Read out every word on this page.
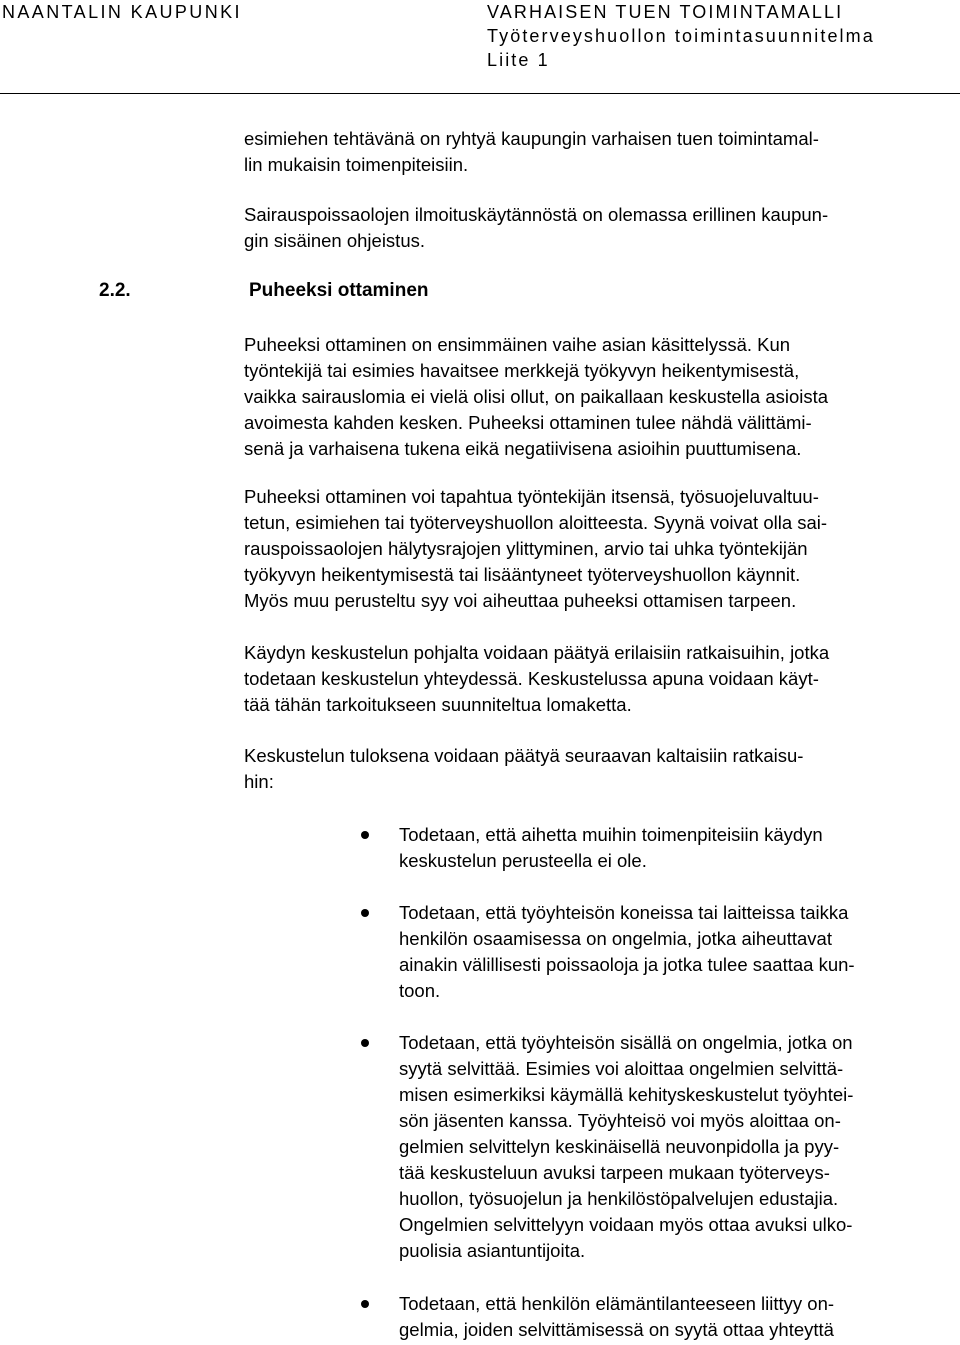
NAANTALIN KAUPUNKI	VARHAISEN TUEN TOIMINTAMALLI
Työterveyshuollon toimintasuunnitelma
Liite 1
esimiehen tehtävänä on ryhtyä kaupungin varhaisen tuen toimintamal-
lin mukaisin toimenpiteisiin.
Sairauspoissaolojen ilmoituskäytännöstä on olemassa erillinen kaupun-
gin sisäinen ohjeistus.
2.2.	Puheeksi ottaminen
Puheeksi ottaminen on ensimmäinen vaihe asian käsittelyssä. Kun
työntekijä tai esimies havaitsee merkkejä työkyvyn heikentymisestä,
vaikka sairauslomia ei vielä olisi ollut, on paikallaan keskustella asioista
avoimesta kahden kesken. Puheeksi ottaminen tulee nähdä välittämi-
senä ja varhaisena tukena eikä negatiivisena asioihin puuttumisena.
Puheeksi ottaminen voi tapahtua työntekijän itsensä, työsuojeluvaltuu-
tetun, esimiehen tai työterveyshuollon aloitteesta. Syynä voivat olla sai-
rauspoissaolojen hälytysrajojen ylittyminen, arvio tai uhka työntekijän
työkyvyn heikentymisestä tai lisääntyneet työterveyshuollon käynnit.
Myös muu perusteltu syy voi aiheuttaa puheeksi ottamisen tarpeen.
Käydyn keskustelun pohjalta voidaan päätyä erilaisiin ratkaisuihin, jotka
todetaan keskustelun yhteydessä. Keskustelussa apuna voidaan käyt-
tää tähän tarkoitukseen suunniteltua lomaketta.
Keskustelun tuloksena voidaan päätyä seuraavan kaltaisiin ratkaisu-
hin:
Todetaan, että aihetta muihin toimenpiteisiin käydyn
keskustelun perusteella ei ole.
Todetaan, että työyhteisön koneissa tai laitteissa taikka
henkilön osaamisessa on ongelmia, jotka aiheuttavat
ainakin välillisesti poissaoloja ja jotka tulee saattaa kun-
toon.
Todetaan, että työyhteisön sisällä on ongelmia, jotka on
syytä selvittää. Esimies voi aloittaa ongelmien selvittä-
misen esimerkiksi käymällä kehityskeskustelut työyhtei-
sön jäsenten kanssa. Työyhteisö voi myös aloittaa on-
gelmien selvittelyn keskinäisellä neuvonpidolla ja pyy-
tää keskusteluun avuksi tarpeen mukaan työterveys-
huollon, työsuojelun ja henkilöstöpalvelujen edustajia.
Ongelmien selvittelyyn voidaan myös ottaa avuksi ulko-
puolisia asiantuntijoita.
Todetaan, että henkilön elämäntilanteeseen liittyy on-
gelmia, joiden selvittämisessä on syytä ottaa yhteyttä
